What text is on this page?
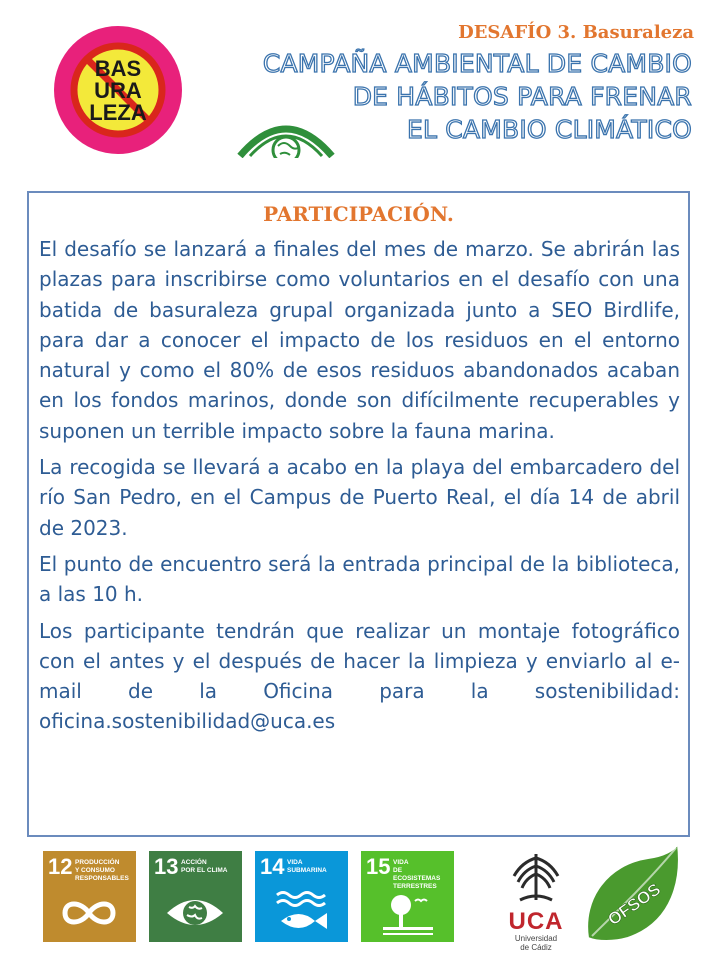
BAS
URA
LEZA
DESAFÍO 3. Basuraleza
CAMPAÑA AMBIENTAL DE CAMBIO
DE HÁBITOS PARA FRENAR
EL CAMBIO CLIMÁTICO
PARTICIPACIÓN.

El desafío se lanzará a finales del mes de marzo. Se abrirán las plazas para inscribirse como voluntarios en el desafío con una batida de basuraleza grupal organizada junto a SEO Birdlife, para dar a conocer el impacto de los residuos en el entorno natural y como el 80% de esos residuos abandonados acaban en los fondos marinos, donde son difícilmente recuperables y suponen un terrible impacto sobre la fauna marina.

La recogida se llevará a acabo en la playa del embarcadero del río San Pedro, en el Campus de Puerto Real, el día 14 de abril de 2023.

El punto de encuentro será la entrada principal de la biblioteca, a las 10 h.

Los participante tendrán que realizar un montaje fotográfico con el antes y el después de hacer la limpieza y enviarlo al e-mail de la Oficina para la sostenibilidad: oficina.sostenibilidad@uca.es

12 PRODUCCIÓN
Y CONSUMO
RESPONSABLES 13 ACCIÓN
POR EL CLIMA	14 VIDA
SUBMARINA	15 VIDA
DE ECOSISTEMAS
TERRESTRES
UCA
Universidad
de Cádiz
OFSOS
